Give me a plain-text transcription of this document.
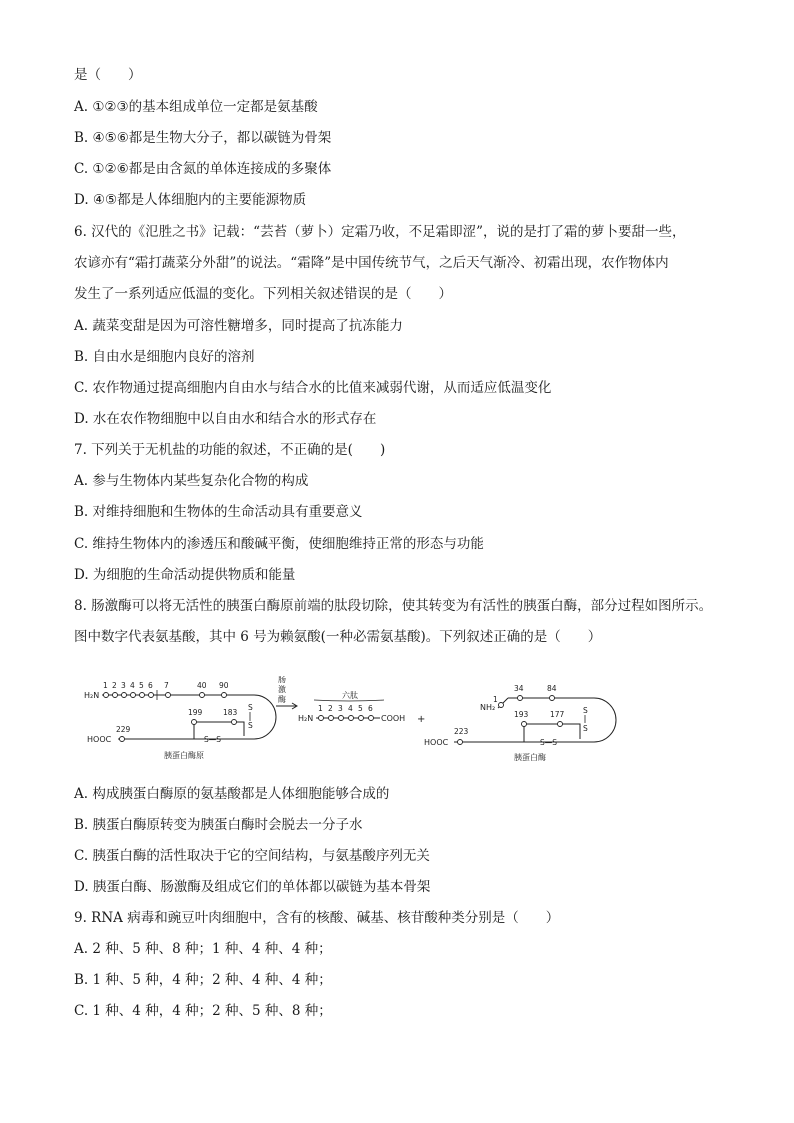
是（　　）
A. ①②③的基本组成单位一定都是氨基酸
B. ④⑤⑥都是生物大分子，都以碳链为骨架
C. ①②⑥都是由含氮的单体连接成的多聚体
D. ④⑤都是人体细胞内的主要能源物质
6. 汉代的《氾胜之书》记载：“芸苔（萝卜）定霜乃收，不足霜即涩”，说的是打了霜的萝卜要甜一些，
农谚亦有“霜打蔬菜分外甜”的说法。“霜降”是中国传统节气，之后天气渐冷、初霜出现，农作物体内
发生了一系列适应低温的变化。下列相关叙述错误的是（　　）
A. 蔬菜变甜是因为可溶性糖增多，同时提高了抗冻能力
B. 自由水是细胞内良好的溶剂
C. 农作物通过提高细胞内自由水与结合水的比值来减弱代谢，从而适应低温变化
D. 水在农作物细胞中以自由水和结合水的形式存在
7. 下列关于无机盐的功能的叙述，不正确的是(　　)
A. 参与生物体内某些复杂化合物的构成
B. 对维持细胞和生物体的生命活动具有重要意义
C. 维持生物体内的渗透压和酸碱平衡，使细胞维持正常的形态与功能
D. 为细胞的生命活动提供物质和能量
8. 肠激酶可以将无活性的胰蛋白酶原前端的肽段切除，使其转变为有活性的胰蛋白酶，部分过程如图所示。
图中数字代表氨基酸，其中 6 号为赖氨酸(一种必需氨基酸)。下列叙述正确的是（　　）
H₂N
1 2 3 4 5 6 7	40 90
229
HOOC
199	183
S—S
S
S
胰蛋白酶原
肠
激
酶	六肽
H₂N
1 2 3 4 5 6
COOH +
NH₂
1
34	84
223
HOOC
193	177
S—S
S
S
胰蛋白酶
A. 构成胰蛋白酶原的氨基酸都是人体细胞能够合成的
B. 胰蛋白酶原转变为胰蛋白酶时会脱去一分子水
C. 胰蛋白酶的活性取决于它的空间结构，与氨基酸序列无关
D. 胰蛋白酶、肠激酶及组成它们的单体都以碳链为基本骨架
9. RNA 病毒和豌豆叶肉细胞中，含有的核酸、碱基、核苷酸种类分别是（　　）
A. 2 种、5 种、8 种；1 种、4 种、4 种；
B. 1 种、5 种，4 种；2 种、4 种、4 种；
C. 1 种、4 种，4 种；2 种、5 种、8 种；
